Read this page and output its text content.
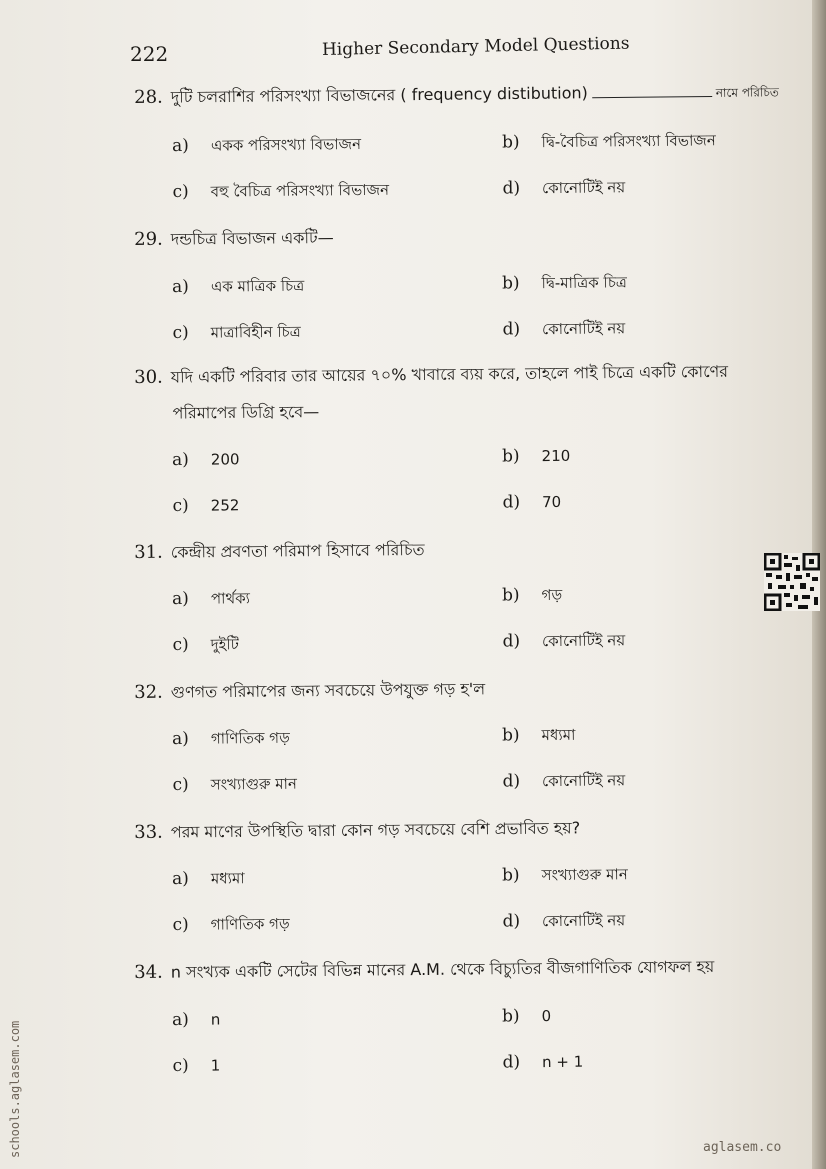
222	Higher Secondary Model Questions
28. দুটি চলরাশির পরিসংখ্যা বিভাজনের ( frequency distibution)	নামে পরিচিত
a) একক পরিসংখ্যা বিভাজন	b) দ্বি-বৈচিত্র পরিসংখ্যা বিভাজন
c) বহু বৈচিত্র পরিসংখ্যা বিভাজন	d) কোনোটিই নয়
29. দন্ডচিত্র বিভাজন একটি—
a) এক মাত্রিক চিত্র	b) দ্বি-মাত্রিক চিত্র
c) মাত্রাবিহীন চিত্র	d) কোনোটিই নয়
30. যদি একটি পরিবার তার আয়ের ৭০% খাবারে ব্যয় করে, তাহলে পাই চিত্রে একটি কোণের
পরিমাপের ডিগ্রি হবে—
a) 200	b) 210
c) 252	d) 70
31. কেন্দ্রীয় প্রবণতা পরিমাপ হিসাবে পরিচিত
a) পার্থক্য	b) গড়
c) দুইটি	d) কোনোটিই নয়
32. গুণগত পরিমাপের জন্য সবচেয়ে উপযুক্ত গড় হ'ল
a) গাণিতিক গড়	b) মধ্যমা
c) সংখ্যাগুরু মান	d) কোনোটিই নয়
33. পরম মাণের উপস্থিতি দ্বারা কোন গড় সবচেয়ে বেশি প্রভাবিত হয়?
a) মধ্যমা	b) সংখ্যাগুরু মান
c) গাণিতিক গড়	d) কোনোটিই নয়
34. n সংখ্যক একটি সেটের বিভিন্ন মানের A.M. থেকে বিচ্যুতির বীজগাণিতিক যোগফল হয়
a) n	b) 0
c) 1	d) n + 1
schools.aglasem.com	aglasem.co
